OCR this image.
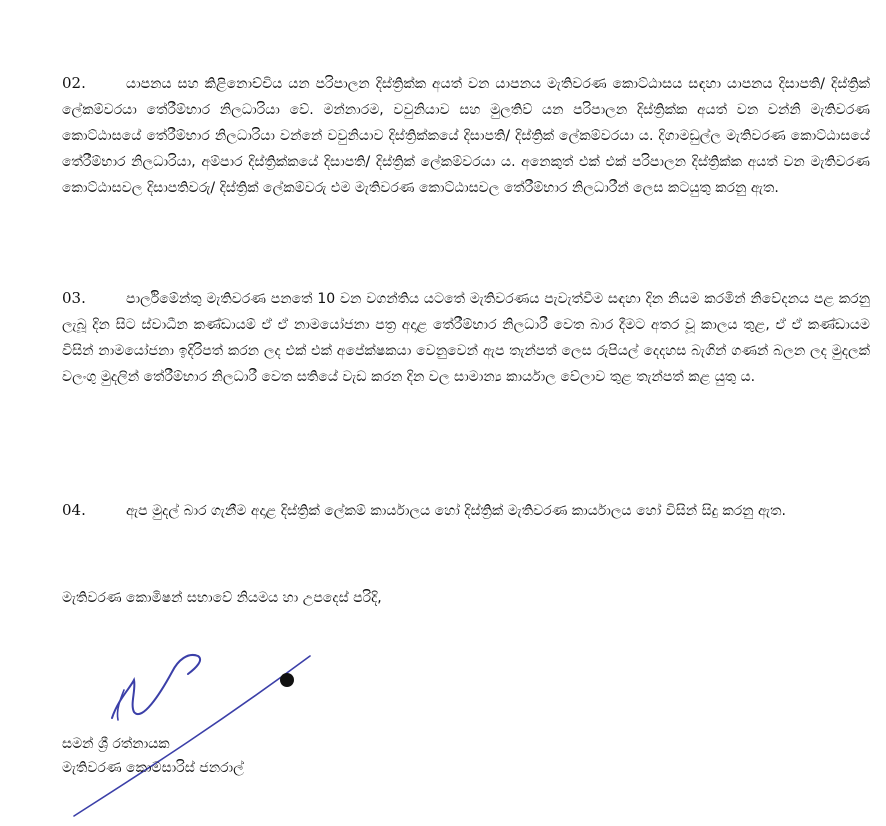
02.	යාපනය සහ කිළිනොච්චිය යන පරිපාලන දිස්ත්‍රික්ක අයත් වන යාපනය මැතිවරණ කොට්ඨාසය සඳහා යාපනය දිසාපති/ දිස්ත්‍රික් ලේකම්වරයා තේරීම්භාර නිලධාරියා වේ. මන්නාරම, වවුනියාව සහ මුලතිව් යන පරිපාලන දිස්ත්‍රික්ක අයත් වන වන්නි මැතිවරණ කොට්ඨාසයේ තේරීම්භාර නිලධාරියා වන්නේ වවුනියාව දිස්ත්‍රික්කයේ දිසාපති/ දිස්ත්‍රික් ලේකම්වරයා ය. දිගාමඩුල්ල මැතිවරණ කොට්ඨාසයේ තේරීම්භාර නිලධාරියා, අම්පාර දිස්ත්‍රික්කයේ දිසාපති/ දිස්ත්‍රික් ලේකම්වරයා ය. අනෙකුත් එක් එක් පරිපාලන දිස්ත්‍රික්ක අයත් වන මැතිවරණ කොට්ඨාසවල දිසාපතිවරු/ දිස්ත්‍රික් ලේකම්වරු එම මැතිවරණ කොට්ඨාසවල තේරීම්භාර නිලධාරීන් ලෙස කටයුතු කරනු ඇත.

03.	පාර්ලිමේන්තු මැතිවරණ පනතේ 10 වන වගන්තිය යටතේ මැතිවරණය පැවැත්වීම සඳහා දින නියම කරමින් නිවේදනය පළ කරනු ලැබූ දින සිට ස්වාධීන කණ්ඩායම් ඒ ඒ නාමයෝජනා පත්‍ර අදාළ තේරීම්භාර නිලධාරී වෙත බාර දීමට අතර වූ කාලය තුළ, ඒ ඒ කණ්ඩායම විසින් නාමයෝජනා ඉදිරිපත් කරන ලද එක් එක් අපේක්ෂකයා වෙනුවෙන් ඇප තැන්පත් ලෙස රුපියල් දෙදහස බැගින් ගණන් බලන ලද මුදලක් වලංගු මුදලින් තේරීම්භාර නිලධාරී වෙත සතියේ වැඩ කරන දින වල සාමාන්‍ය කාර්යාල වේලාව තුළ තැන්පත් කළ යුතු ය.

04.	ඇප මුදල් බාර ගැනීම අදාළ දිස්ත්‍රික් ලේකම් කාර්යාලය හෝ දිස්ත්‍රික් මැතිවරණ කාර්යාලය හෝ විසින් සිදු කරනු ඇත.

මැතිවරණ කොමිෂන් සභාවේ නියමය හා උපදෙස් පරිදි,

සමන් ශ්‍රී රත්නායක
මැතිවරණ කොමසාරිස් ජනරාල්
